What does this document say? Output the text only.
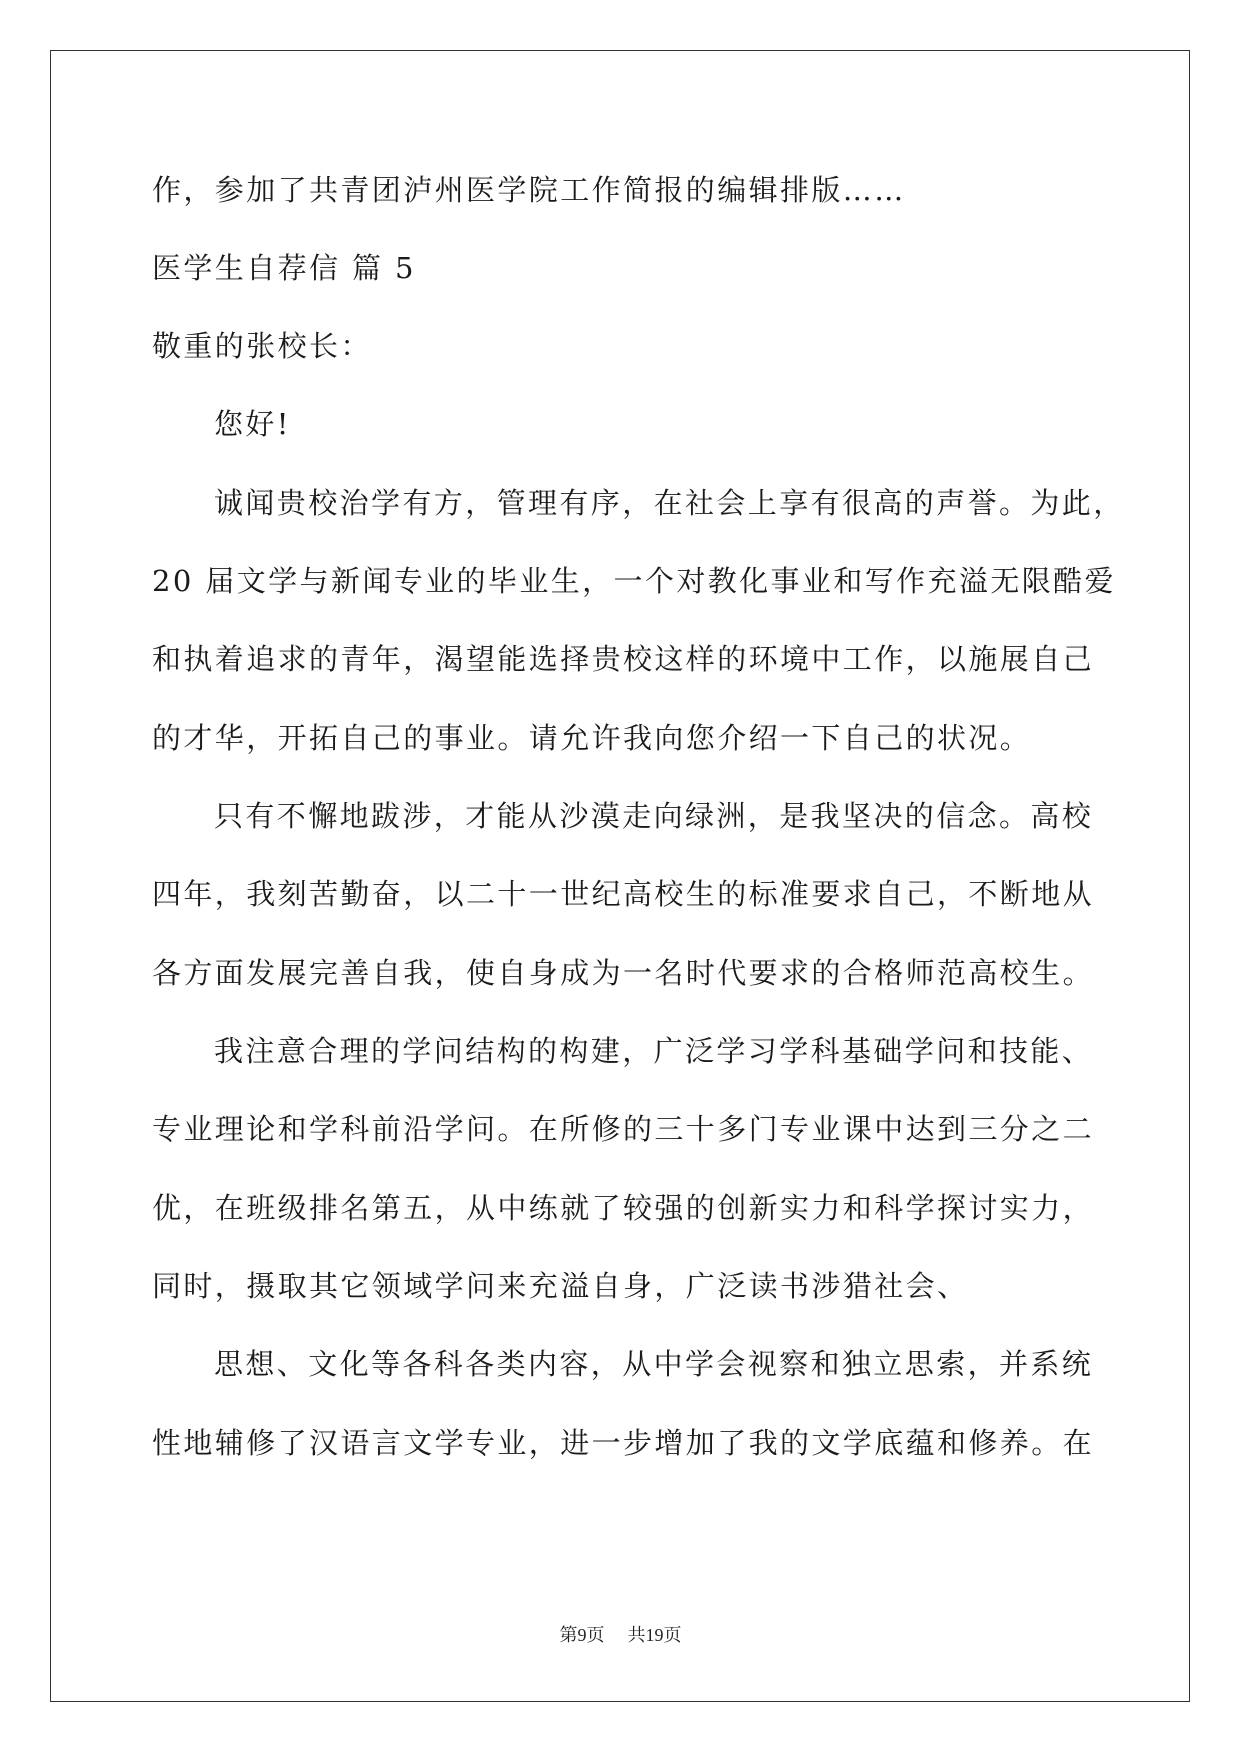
作，参加了共青团泸州医学院工作简报的编辑排版……
医学生自荐信 篇 5
敬重的张校长：
您好!
诚闻贵校治学有方，管理有序，在社会上享有很高的声誉。为此，
20 届文学与新闻专业的毕业生，一个对教化事业和写作充溢无限酷爱
和执着追求的青年，渴望能选择贵校这样的环境中工作，以施展自己
的才华，开拓自己的事业。请允许我向您介绍一下自己的状况。
只有不懈地跋涉，才能从沙漠走向绿洲，是我坚决的信念。高校
四年，我刻苦勤奋，以二十一世纪高校生的标准要求自己，不断地从
各方面发展完善自我，使自身成为一名时代要求的合格师范高校生。
我注意合理的学问结构的构建，广泛学习学科基础学问和技能、
专业理论和学科前沿学问。在所修的三十多门专业课中达到三分之二
优，在班级排名第五，从中练就了较强的创新实力和科学探讨实力，
同时，摄取其它领域学问来充溢自身，广泛读书涉猎社会、
思想、文化等各科各类内容，从中学会视察和独立思索，并系统
性地辅修了汉语言文学专业，进一步增加了我的文学底蕴和修养。在
第9页 共19页
